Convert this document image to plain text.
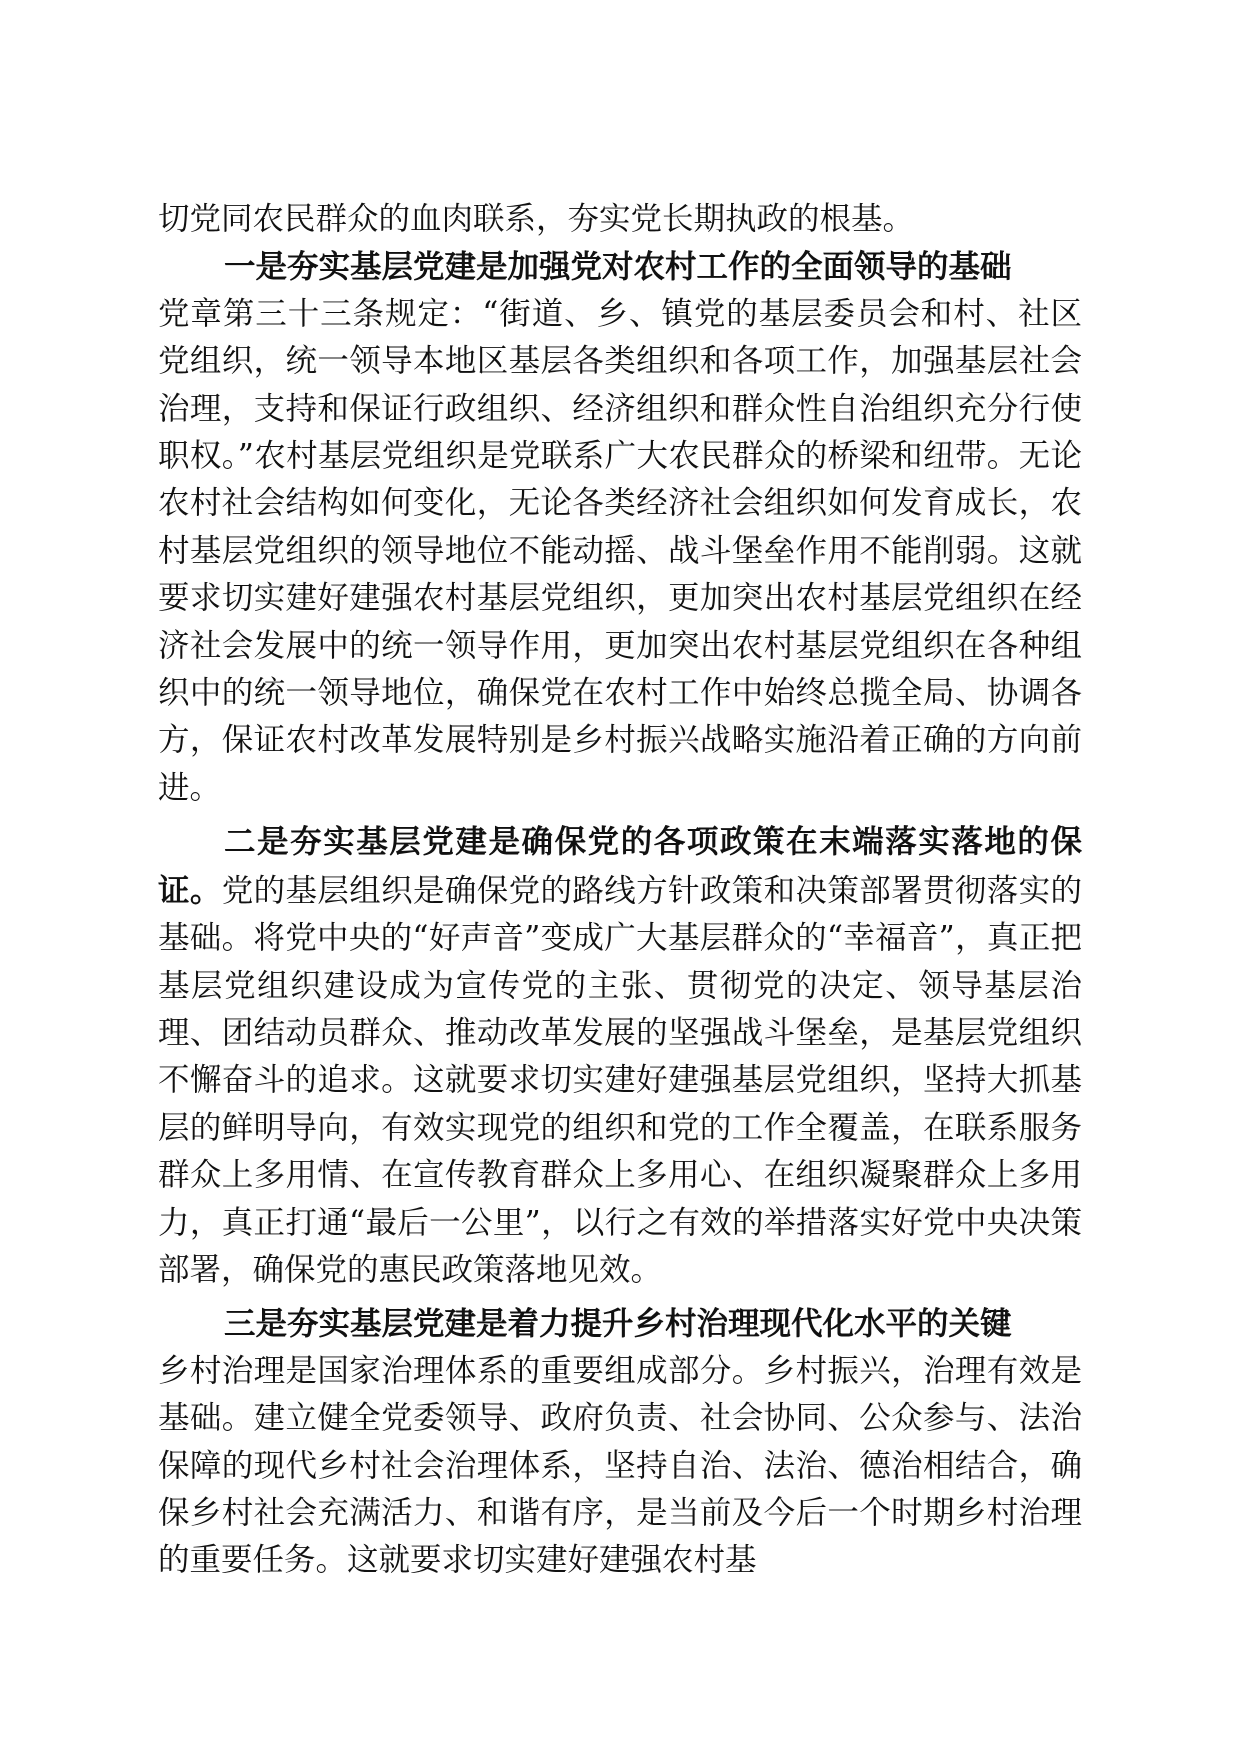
切党同农民群众的血肉联系，夯实党长期执政的根基。

一是夯实基层党建是加强党对农村工作的全面领导的基础

党章第三十三条规定：“街道、乡、镇党的基层委员会和村、社区党组织，统一领导本地区基层各类组织和各项工作，加强基层社会治理，支持和保证行政组织、经济组织和群众性自治组织充分行使职权。”农村基层党组织是党联系广大农民群众的桥梁和纽带。无论农村社会结构如何变化，无论各类经济社会组织如何发育成长，农村基层党组织的领导地位不能动摇、战斗堡垒作用不能削弱。这就要求切实建好建强农村基层党组织，更加突出农村基层党组织在经济社会发展中的统一领导作用，更加突出农村基层党组织在各种组织中的统一领导地位，确保党在农村工作中始终总揽全局、协调各方，保证农村改革发展特别是乡村振兴战略实施沿着正确的方向前进。

二是夯实基层党建是确保党的各项政策在末端落实落地的保证。党的基层组织是确保党的路线方针政策和决策部署贯彻落实的基础。将党中央的“好声音”变成广大基层群众的“幸福音”，真正把基层党组织建设成为宣传党的主张、贯彻党的决定、领导基层治理、团结动员群众、推动改革发展的坚强战斗堡垒，是基层党组织不懈奋斗的追求。这就要求切实建好建强基层党组织，坚持大抓基层的鲜明导向，有效实现党的组织和党的工作全覆盖，在联系服务群众上多用情、在宣传教育群众上多用心、在组织凝聚群众上多用力，真正打通“最后一公里”，以行之有效的举措落实好党中央决策部署，确保党的惠民政策落地见效。

三是夯实基层党建是着力提升乡村治理现代化水平的关键

乡村治理是国家治理体系的重要组成部分。乡村振兴，治理有效是基础。建立健全党委领导、政府负责、社会协同、公众参与、法治保障的现代乡村社会治理体系，坚持自治、法治、德治相结合，确保乡村社会充满活力、和谐有序，是当前及今后一个时期乡村治理的重要任务。这就要求切实建好建强农村基
